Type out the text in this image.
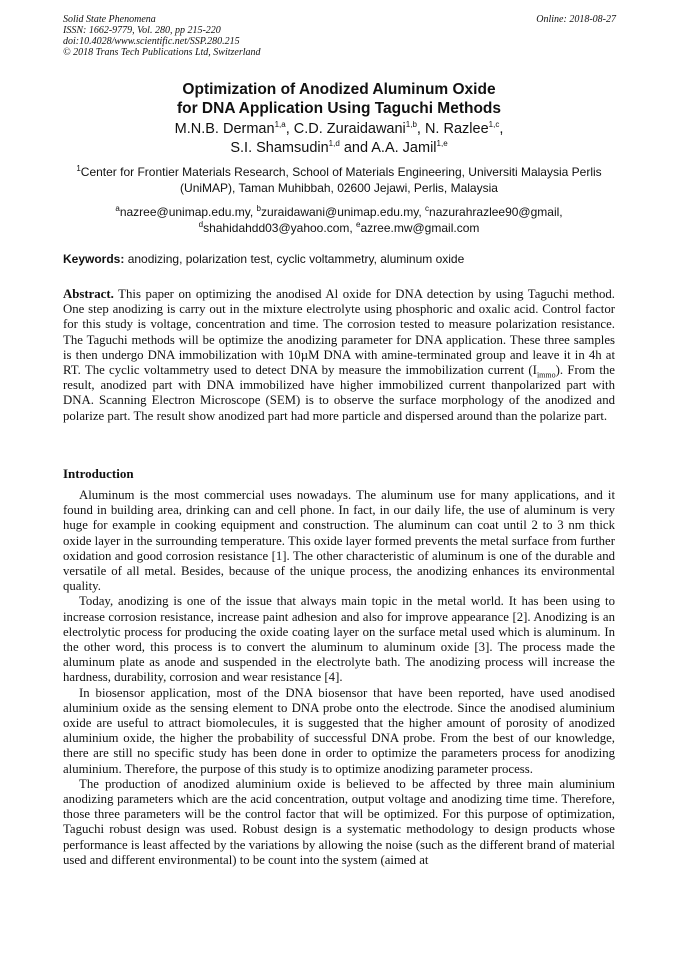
Solid State Phenomena
ISSN: 1662-9779, Vol. 280, pp 215-220
doi:10.4028/www.scientific.net/SSP.280.215
© 2018 Trans Tech Publications Ltd, Switzerland
Online: 2018-08-27
Optimization of Anodized Aluminum Oxide
for DNA Application Using Taguchi Methods
M.N.B. Derman$^{1,a}$, C.D. Zuraidawani$^{1,b}$, N. Razlee$^{1,c}$,
S.I. Shamsudin$^{1,d}$ and A.A. Jamil$^{1,e}$
$^1$Center for Frontier Materials Research, School of Materials Engineering, Universiti Malaysia Perlis
(UniMAP), Taman Muhibbah, 02600 Jejawi, Perlis, Malaysia
$^a$nazree@unimap.edu.my, $^b$zuraidawani@unimap.edu.my, $^c$nazurahrazlee90@gmail,
$^d$shahidahdd03@yahoo.com, $^e$azree.mw@gmail.com
Keywords: anodizing, polarization test, cyclic voltammetry, aluminum oxide
Abstract. This paper on optimizing the anodised Al oxide for DNA detection by using Taguchi method. One step anodizing is carry out in the mixture electrolyte using phosphoric and oxalic acid. Control factor for this study is voltage, concentration and time. The corrosion tested to measure polarization resistance. The Taguchi methods will be optimize the anodizing parameter for DNA application. These three samples is then undergo DNA immobilization with 10µM DNA with amine-terminated group and leave it in 4h at RT. The cyclic voltammetry used to detect DNA by measure the immobilization current $(I_{immo})$. From the result, anodized part with DNA immobilized have higher immobilized current thanpolarized part with DNA. Scanning Electron Microscope (SEM) is to observe the surface morphology of the anodized and polarize part. The result show anodized part had more particle and dispersed around than the polarize part.
Introduction

Aluminum is the most commercial uses nowadays. The aluminum use for many applications, and it found in building area, drinking can and cell phone. In fact, in our daily life, the use of aluminum is very huge for example in cooking equipment and construction. The aluminum can coat until 2 to 3 nm thick oxide layer in the surrounding temperature. This oxide layer formed prevents the metal surface from further oxidation and good corrosion resistance [1]. The other characteristic of aluminum is one of the durable and versatile of all metal. Besides, because of the unique process, the anodizing enhances its environmental quality.

Today, anodizing is one of the issue that always main topic in the metal world. It has been using to increase corrosion resistance, increase paint adhesion and also for improve appearance [2]. Anodizing is an electrolytic process for producing the oxide coating layer on the surface metal used which is aluminum. In the other word, this process is to convert the aluminum to aluminum oxide [3]. The process made the aluminum plate as anode and suspended in the electrolyte bath. The anodizing process will increase the hardness, durability, corrosion and wear resistance [4].

In biosensor application, most of the DNA biosensor that have been reported, have used anodised aluminium oxide as the sensing element to DNA probe onto the electrode. Since the anodised aluminium oxide are useful to attract biomolecules, it is suggested that the higher amount of porosity of anodized aluminium oxide, the higher the probability of successful DNA probe. From the best of our knowledge, there are still no specific study has been done in order to optimize the parameters process for anodizing aluminium. Therefore, the purpose of this study is to optimize anodizing parameter process.

The production of anodized aluminium oxide is believed to be affected by three main aluminium anodizing parameters which are the acid concentration, output voltage and anodizing time time. Therefore, those three parameters will be the control factor that will be optimized. For this purpose of optimization, Taguchi robust design was used. Robust design is a systematic methodology to design products whose performance is least affected by the variations by allowing the noise (such as the different brand of material used and different environmental) to be count into the system (aimed at
